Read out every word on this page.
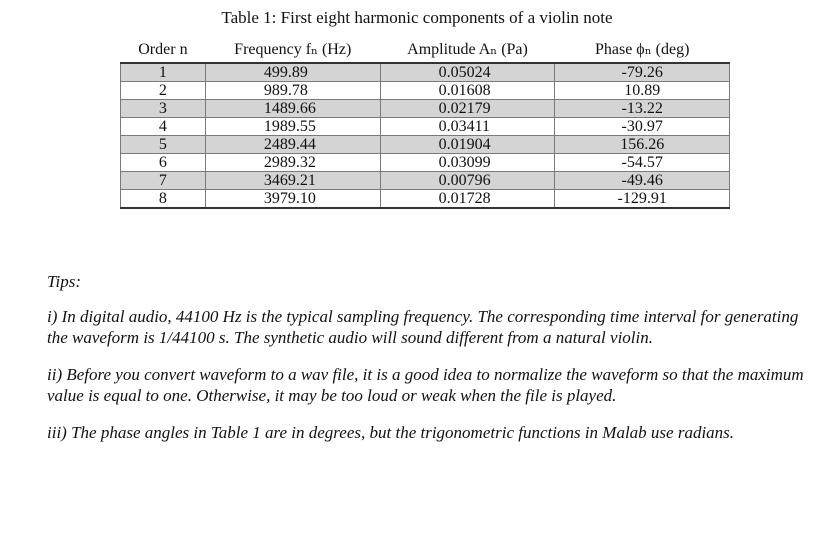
Table 1: First eight harmonic components of a violin note
Order n	Frequency fₙ (Hz)	Amplitude Aₙ (Pa)	Phase ϕₙ (deg)
1	499.89	0.05024	-79.26
2	989.78	0.01608	10.89
3	1489.66	0.02179	-13.22
4	1989.55	0.03411	-30.97
5	2489.44	0.01904	156.26
6	2989.32	0.03099	-54.57
7	3469.21	0.00796	-49.46
8	3979.10	0.01728	-129.91

Tips:

i) In digital audio, 44100 Hz is the typical sampling frequency. The corresponding time interval for generating the waveform is 1/44100 s. The synthetic audio will sound different from a natural violin.

ii) Before you convert waveform to a wav file, it is a good idea to normalize the waveform so that the maximum value is equal to one. Otherwise, it may be too loud or weak when the file is played.

iii) The phase angles in Table 1 are in degrees, but the trigonometric functions in Malab use radians.
